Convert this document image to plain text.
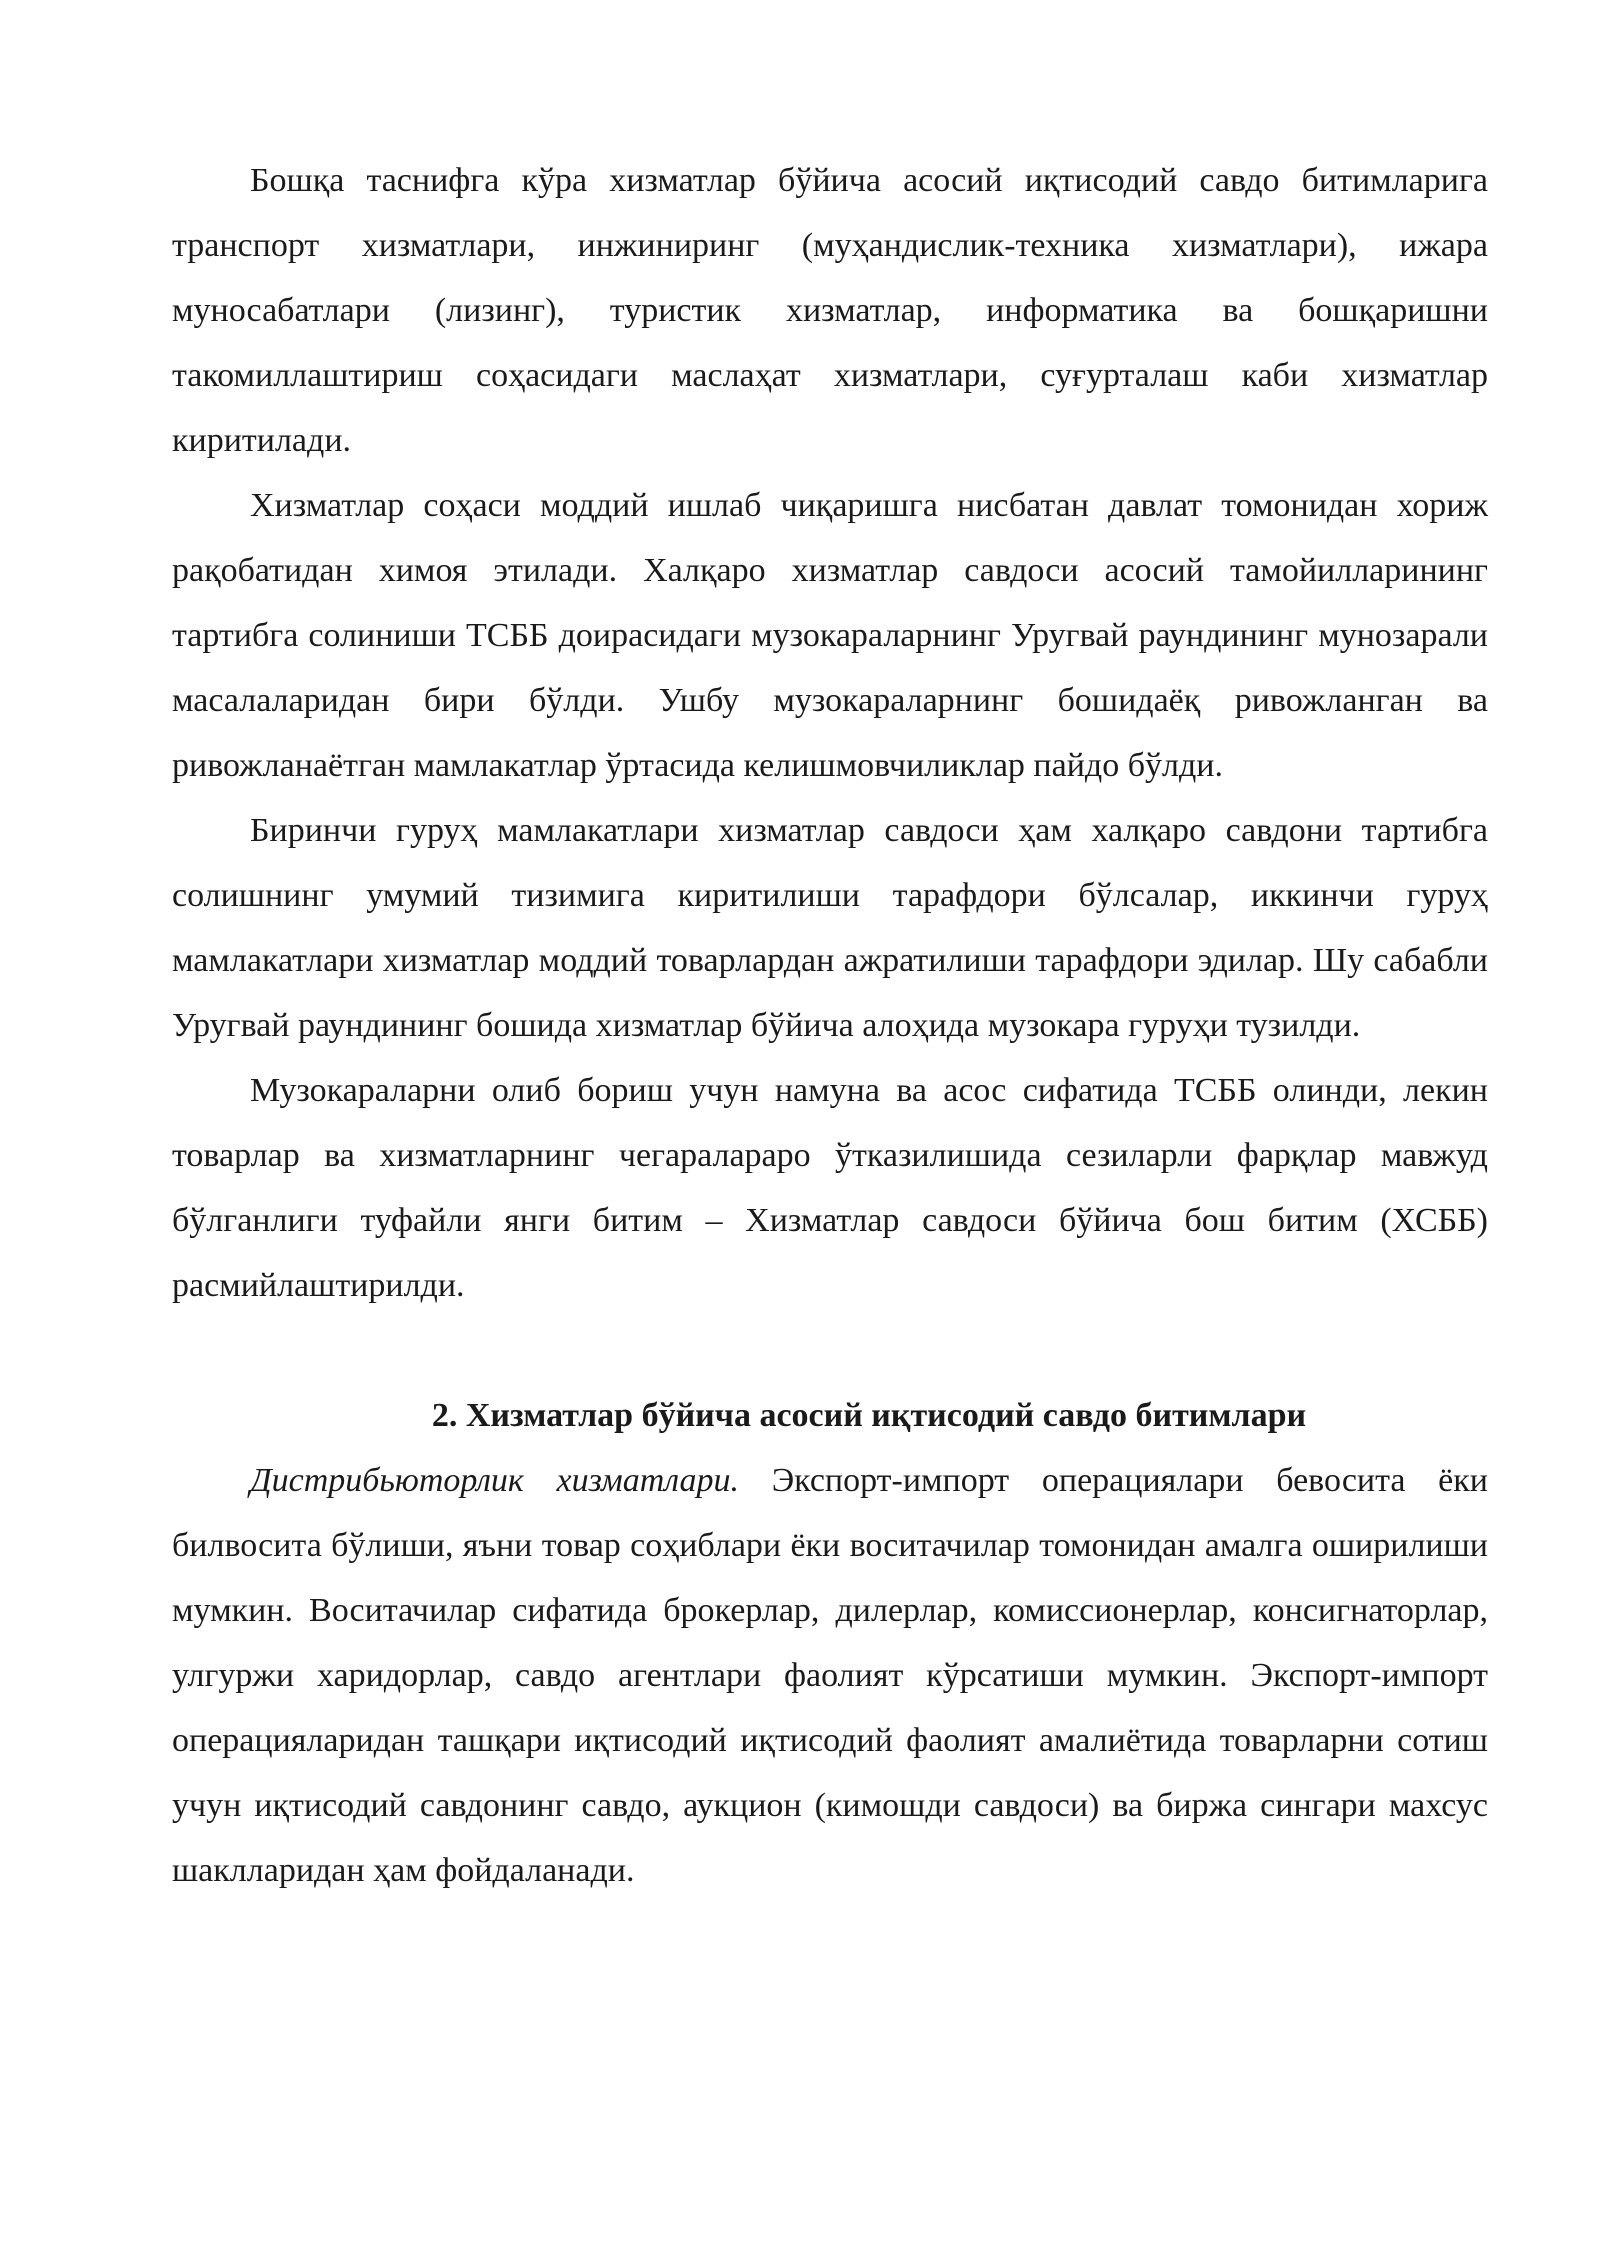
Бошқа таснифга кўра хизматлар бўйича асосий иқтисодий савдо битимларига транспорт хизматлари, инжиниринг (муҳандислик-техника хизматлари), ижара муносабатлари (лизинг), туристик хизматлар, информатика ва бошқаришни такомиллаштириш соҳасидаги маслаҳат хизматлари, суғурталаш каби хизматлар киритилади.

Хизматлар соҳаси моддий ишлаб чиқаришга нисбатан давлат томонидан хориж рақобатидан химоя этилади. Халқаро хизматлар савдоси асосий тамойилларининг тартибга солиниши ТСББ доирасидаги музокараларнинг Уругвай раундининг мунозарали масалаларидан бири бўлди. Ушбу музокараларнинг бошидаёқ ривожланган ва ривожланаётган мамлакатлар ўртасида келишмовчиликлар пайдо бўлди.

Биринчи гуруҳ мамлакатлари хизматлар савдоси ҳам халқаро савдони тартибга солишнинг умумий тизимига киритилиши тарафдори бўлсалар, иккинчи гуруҳ мамлакатлари хизматлар моддий товарлардан ажратилиши тарафдори эдилар. Шу сабабли Уругвай раундининг бошида хизматлар бўйича алоҳида музокара гуруҳи тузилди.

Музокараларни олиб бориш учун намуна ва асос сифатида ТСББ олинди, лекин товарлар ва хизматларнинг чегаралараро ўтказилишида сезиларли фарқлар мавжуд бўлганлиги туфайли янги битим – Хизматлар савдоси бўйича бош битим (ХСББ) расмийлаштирилди.

2. Хизматлар бўйича асосий иқтисодий савдо битимлари

Дистрибьюторлик хизматлари. Экспорт-импорт операциялари бевосита ёки билвосита бўлиши, яъни товар соҳиблари ёки воситачилар томонидан амалга оширилиши мумкин. Воситачилар сифатида брокерлар, дилерлар, комиссионерлар, консигнаторлар, улгуржи харидорлар, савдо агентлари фаолият кўрсатиши мумкин. Экспорт-импорт операцияларидан ташқари иқтисодий иқтисодий фаолият амалиётида товарларни сотиш учун иқтисодий савдонинг савдо, аукцион (кимошди савдоси) ва биржа сингари махсус шаклларидан ҳам фойдаланади.
